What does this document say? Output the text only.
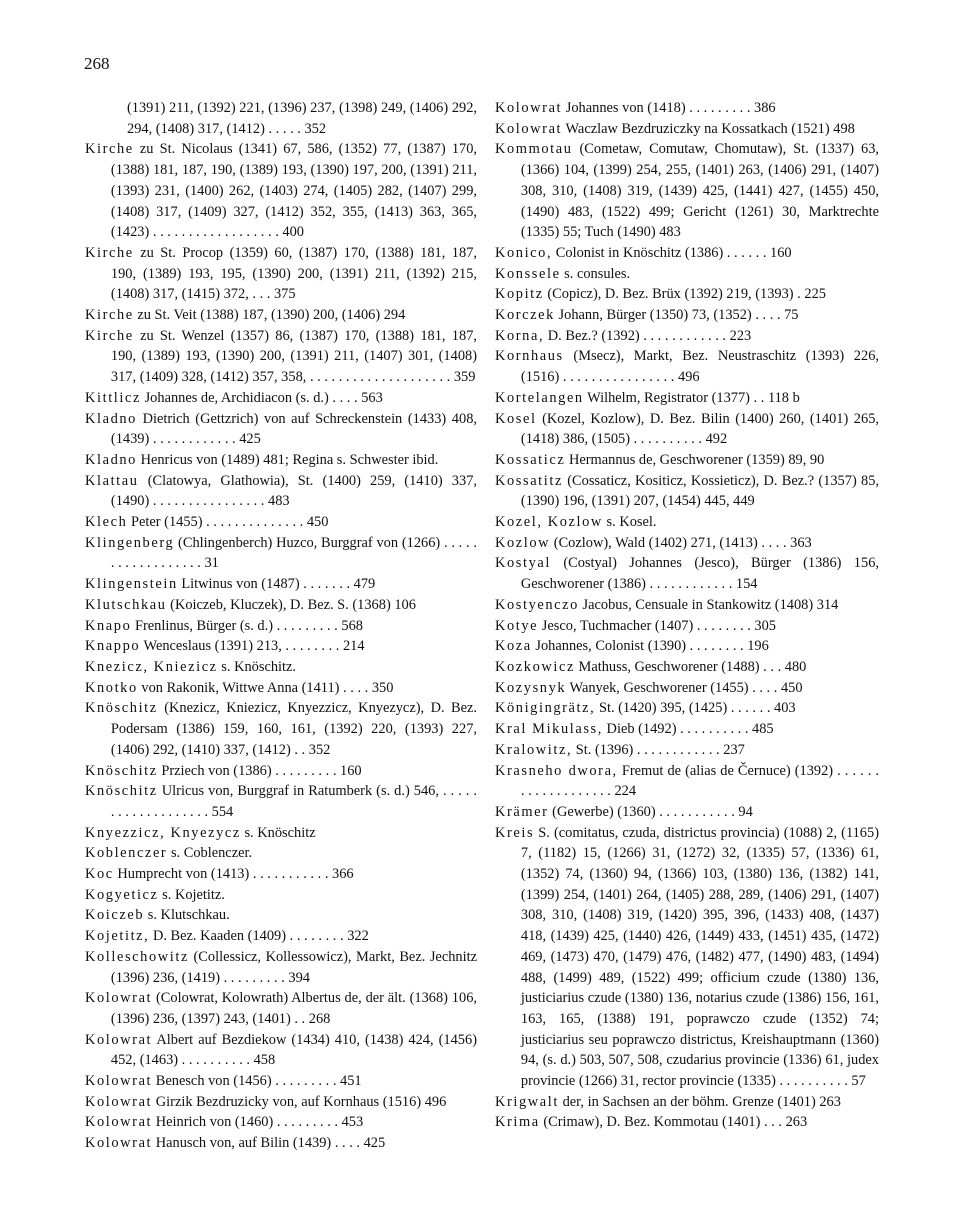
268
(1391) 211, (1392) 221, (1396) 237, (1398) 249, (1406) 292, 294, (1408) 317, (1412) . . . . . 352
Kirche zu St. Nicolaus (1341) 67, 586, (1352) 77, (1387) 170, (1388) 181, 187, 190, (1389) 193, (1390) 197, 200, (1391) 211, (1393) 231, (1400) 262, (1403) 274, (1405) 282, (1407) 299, (1408) 317, (1409) 327, (1412) 352, 355, (1413) 363, 365, (1423) . . . . . . . . . . . . . . . . . . 400
Kirche zu St. Procop (1359) 60, (1387) 170, (1388) 181, 187, 190, (1389) 193, 195, (1390) 200, (1391) 211, (1392) 215, (1408) 317, (1415) 372, . . . 375
Kirche zu St. Veit (1388) 187, (1390) 200, (1406) 294
Kirche zu St. Wenzel (1357) 86, (1387) 170, (1388) 181, 187, 190, (1389) 193, (1390) 200, (1391) 211, (1407) 301, (1408) 317, (1409) 328, (1412) 357, 358, . . . . . . . . . . . . . . . . . . . . 359
Kittlicz Johannes de, Archidiacon (s. d.) . . . . 563
Kladno Dietrich (Gettzrich) von auf Schreckenstein (1433) 408, (1439) . . . . . . . . . . . . 425
Kladno Henricus von (1489) 481; Regina s. Schwester ibid.
Klattau (Clatowya, Glathowia), St. (1400) 259, (1410) 337, (1490) . . . . . . . . . . . . . . . . 483
Klech Peter (1455) . . . . . . . . . . . . . . 450
Klingenberg (Chlingenberch) Huzco, Burggraf von (1266) . . . . . . . . . . . . . . . . . . 31
Klingenstein Litwinus von (1487) . . . . . . . 479
Klutschkau (Koiczeb, Kluczek), D. Bez. S. (1368) 106
Knapo Frenlinus, Bürger (s. d.) . . . . . . . . . 568
Knappo Wenceslaus (1391) 213, . . . . . . . . 214
Knezicz, Kniezicz s. Knöschitz.
Knotko von Rakonik, Wittwe Anna (1411) . . . . 350
Knöschitz (Knezicz, Kniezicz, Knyezzicz, Knyezycz), D. Bez. Podersam (1386) 159, 160, 161, (1392) 220, (1393) 227, (1406) 292, (1410) 337, (1412) . . 352
Knöschitz Prziech von (1386) . . . . . . . . . 160
Knöschitz Ulricus von, Burggraf in Ratumberk (s. d.) 546, . . . . . . . . . . . . . . . . . . . 554
Knyezzicz, Knyezycz s. Knöschitz
Koblenczer s. Coblenczer.
Koc Humprecht von (1413) . . . . . . . . . . . 366
Kogyeticz s. Kojetitz.
Koiczeb s. Klutschkau.
Kojetitz, D. Bez. Kaaden (1409) . . . . . . . . 322
Kolleschowitz (Collessicz, Kollessowicz), Markt, Bez. Jechnitz (1396) 236, (1419) . . . . . . . . . 394
Kolowrat (Colowrat, Kolowrath) Albertus de, der ält. (1368) 106, (1396) 236, (1397) 243, (1401) . . 268
Kolowrat Albert auf Bezdiekow (1434) 410, (1438) 424, (1456) 452, (1463) . . . . . . . . . . 458
Kolowrat Benesch von (1456) . . . . . . . . . 451
Kolowrat Girzik Bezdruzicky von, auf Kornhaus (1516) 496
Kolowrat Heinrich von (1460) . . . . . . . . . 453
Kolowrat Hanusch von, auf Bilin (1439) . . . . 425
Kolowrat Johannes von (1418) . . . . . . . . . 386
Kolowrat Waczlaw Bezdruziczky na Kossatkach (1521) 498
Kommotau (Cometaw, Comutaw, Chomutaw), St. (1337) 63, (1366) 104, (1399) 254, 255, (1401) 263, (1406) 291, (1407) 308, 310, (1408) 319, (1439) 425, (1441) 427, (1455) 450, (1490) 483, (1522) 499; Gericht (1261) 30, Marktrechte (1335) 55; Tuch (1490) 483
Konico, Colonist in Knöschitz (1386) . . . . . . 160
Konssele s. consules.
Kopitz (Copicz), D. Bez. Brüx (1392) 219, (1393) . 225
Korczek Johann, Bürger (1350) 73, (1352) . . . . 75
Korna, D. Bez.? (1392) . . . . . . . . . . . . 223
Kornhaus (Msecz), Markt, Bez. Neustraschitz (1393) 226, (1516) . . . . . . . . . . . . . . . . 496
Kortelangen Wilhelm, Registrator (1377) . . 118 b
Kosel (Kozel, Kozlow), D. Bez. Bilin (1400) 260, (1401) 265, (1418) 386, (1505) . . . . . . . . . . 492
Kossaticz Hermannus de, Geschworener (1359) 89, 90
Kossatitz (Cossaticz, Kositicz, Kossieticz), D. Bez.? (1357) 85, (1390) 196, (1391) 207, (1454) 445, 449
Kozel, Kozlow s. Kosel.
Kozlow (Cozlow), Wald (1402) 271, (1413) . . . . 363
Kostyal (Costyal) Johannes (Jesco), Bürger (1386) 156, Geschworener (1386) . . . . . . . . . . . . 154
Kostyenczo Jacobus, Censuale in Stankowitz (1408) 314
Kotye Jesco, Tuchmacher (1407) . . . . . . . . 305
Koza Johannes, Colonist (1390) . . . . . . . . 196
Kozkowicz Mathuss, Geschworener (1488) . . . 480
Kozysnyk Wanyek, Geschworener (1455) . . . . 450
Königingrätz, St. (1420) 395, (1425) . . . . . . 403
Kral Mikulass, Dieb (1492) . . . . . . . . . . 485
Kralowitz, St. (1396) . . . . . . . . . . . . 237
Krasneho dwora, Fremut de (alias de Černuce) (1392) . . . . . . . . . . . . . . . . . . . 224
Krämer (Gewerbe) (1360) . . . . . . . . . . . 94
Kreis S. (comitatus, czuda, districtus provincia) (1088) 2, (1165) 7, (1182) 15, (1266) 31, (1272) 32, (1335) 57, (1336) 61, (1352) 74, (1360) 94, (1366) 103, (1380) 136, (1382) 141, (1399) 254, (1401) 264, (1405) 288, 289, (1406) 291, (1407) 308, 310, (1408) 319, (1420) 395, 396, (1433) 408, (1437) 418, (1439) 425, (1440) 426, (1449) 433, (1451) 435, (1472) 469, (1473) 470, (1479) 476, (1482) 477, (1490) 483, (1494) 488, (1499) 489, (1522) 499; officium czude (1380) 136, justiciarius czude (1380) 136, notarius czude (1386) 156, 161, 163, 165, (1388) 191, poprawczo czude (1352) 74; justiciarius seu poprawczo districtus, Kreishauptmann (1360) 94, (s. d.) 503, 507, 508, czudarius provincie (1336) 61, judex provincie (1266) 31, rector provincie (1335) . . . . . . . . . . 57
Krigwalt der, in Sachsen an der böhm. Grenze (1401) 263
Krima (Crimaw), D. Bez. Kommotau (1401) . . . 263
